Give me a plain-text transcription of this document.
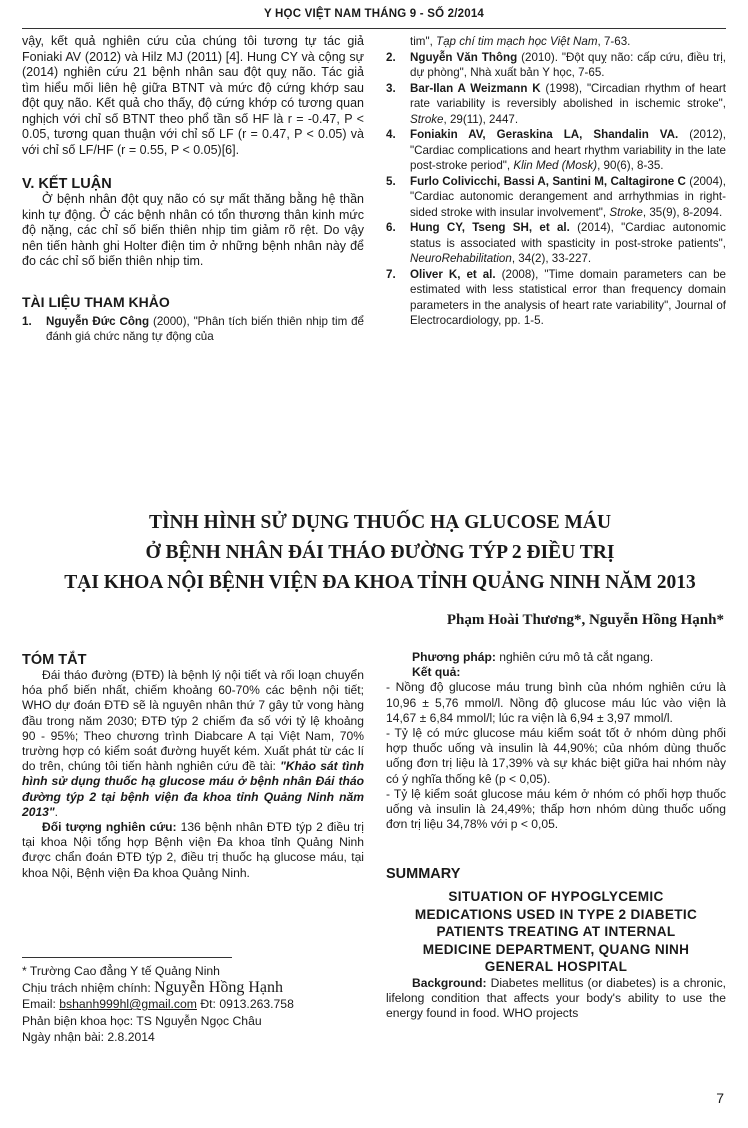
Y HỌC VIỆT NAM THÁNG 9 - SỐ 2/2014

vậy, kết quả nghiên cứu của chúng tôi tương tự tác giả Foniaki AV (2012) và Hilz MJ (2011) [4]. Hung CY và cộng sự (2014) nghiên cứu 21 bệnh nhân sau đột quỵ não. Tác giả tìm hiểu mối liên hệ giữa BTNT và mức độ cứng khớp sau đột quỵ não. Kết quả cho thấy, độ cứng khớp có tương quan nghịch với chỉ số BTNT theo phổ tần số HF là r = -0.47, P < 0.05, tương quan thuận với chỉ số LF (r = 0.47, P < 0.05) và với chỉ số LF/HF (r = 0.55, P < 0.05)[6].

V. KẾT LUẬN

Ở bệnh nhân đột quỵ não có sự mất thăng bằng hệ thần kinh tự động. Ở các bệnh nhân có tổn thương thân kinh mức độ nặng, các chỉ số biến thiên nhịp tim giảm rõ rệt. Do vậy nên tiến hành ghi Holter điện tim ở những bệnh nhân này để đo các chỉ số biến thiên nhịp tim.

TÀI LIỆU THAM KHẢO

1.	Nguyễn Đức Công (2000), "Phân tích biến thiên nhịp tim để đánh giá chức năng tự động của
tim", Tạp chí tim mạch học Việt Nam, 7-63.
2.	Nguyễn Văn Thông (2010). "Đột quỵ não: cấp cứu, điều trị, dự phòng", Nhà xuất bản Y học, 7-65.
3.	Bar-Ilan A Weizmann K (1998), "Circadian rhythm of heart rate variability is reversibly abolished in ischemic stroke", Stroke, 29(11), 2447.
4.	Foniakin AV, Geraskina LA, Shandalin VA. (2012), "Cardiac complications and heart rhythm variability in the late post-stroke period", Klin Med (Mosk), 90(6), 8-35.
5.	Furlo Colivicchi, Bassi A, Santini M, Caltagirone C (2004), "Cardiac autonomic derangement and arrhythmias in right-sided stroke with insular involvement", Stroke, 35(9), 8-2094.
6.	Hung CY, Tseng SH, et al. (2014), "Cardiac autonomic status is associated with spasticity in post-stroke patients", NeuroRehabilitation, 34(2), 33-227.
7.	Oliver K, et al. (2008), "Time domain parameters can be estimated with less statistical error than frequency domain parameters in the analysis of heart rate variability", Journal of Electrocardiology, pp. 1-5.
TÌNH HÌNH SỬ DỤNG THUỐC HẠ GLUCOSE MÁU
Ở BỆNH NHÂN ĐÁI THÁO ĐƯỜNG TÝP 2 ĐIỀU TRỊ
TẠI KHOA NỘI BỆNH VIỆN ĐA KHOA TỈNH QUẢNG NINH NĂM 2013
Phạm Hoài Thương*, Nguyễn Hồng Hạnh*

TÓM TẮT

Đái tháo đường (ĐTĐ) là bệnh lý nội tiết và rối loạn chuyển hóa phổ biến nhất, chiếm khoảng 60-70% các bệnh nội tiết; WHO dự đoán ĐTĐ sẽ là nguyên nhân thứ 7 gây tử vong hàng đầu trong năm 2030; ĐTĐ týp 2 chiếm đa số với tỷ lệ khoảng 90 - 95%; Theo chương trình Diabcare A tại Việt Nam, 70% trường hợp có kiểm soát đường huyết kém. Xuất phát từ các lí do trên, chúng tôi tiến hành nghiên cứu đề tài: "Khảo sát tình hình sử dụng thuốc hạ glucose máu ở bệnh nhân Đái tháo đường týp 2 tại bệnh viện đa khoa tỉnh Quảng Ninh năm 2013".

Đối tượng nghiên cứu: 136 bệnh nhân ĐTĐ týp 2 điều trị tại khoa Nội tổng hợp Bệnh viện Đa khoa tỉnh Quảng Ninh được chẩn đoán ĐTĐ týp 2, điều trị thuốc hạ glucose máu, tại khoa Nội, Bệnh viện Đa khoa Quảng Ninh.

* Trường Cao đẳng Y tế Quảng Ninh

Chịu trách nhiệm chính: Nguyễn Hồng Hạnh

Email: bshanh999hl@gmail.com Đt: 0913.263.758

Phản biện khoa học: TS Nguyễn Ngọc Châu

Ngày nhận bài: 2.8.2014

Phương pháp: nghiên cứu mô tả cắt ngang.

Kết quả:

- Nồng độ glucose máu trung bình của nhóm nghiên cứu là 10,96 ± 5,76 mmol/l. Nồng độ glucose máu lúc vào viện là 14,67 ± 6,84 mmol/l; lúc ra viện là 6,94 ± 3,97 mmol/l.

- Tỷ lệ có mức glucose máu kiểm soát tốt ở nhóm dùng phối hợp thuốc uống và insulin là 44,90%; của nhóm dùng thuốc uống đơn trị liệu là 17,39% và sự khác biệt giữa hai nhóm này có ý nghĩa thống kê (p < 0,05).

- Tỷ lệ kiểm soát glucose máu kém ở nhóm có phối hợp thuốc uống và insulin là 24,49%; thấp hơn nhóm dùng thuốc uống đơn trị liệu 34,78% với p < 0,05.

SUMMARY

SITUATION OF HYPOGLYCEMIC
MEDICATIONS USED IN TYPE 2 DIABETIC
PATIENTS TREATING AT INTERNAL
MEDICINE DEPARTMENT, QUANG NINH
GENERAL HOSPITAL

Background: Diabetes mellitus (or diabetes) is a chronic, lifelong condition that affects your body's ability to use the energy found in food. WHO projects

7
